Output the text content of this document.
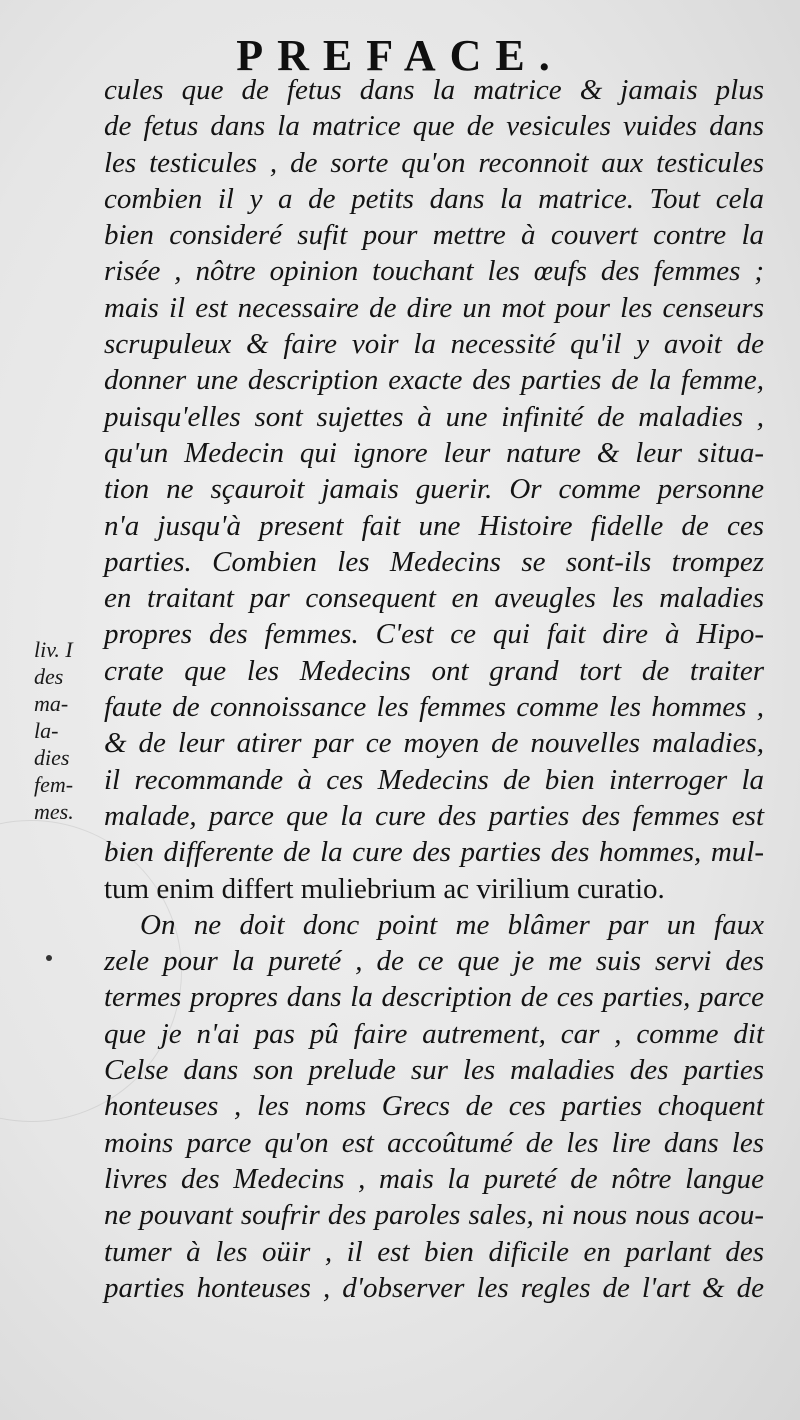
PREFACE.
cules que de fetus dans la matrice & jamais plus
de fetus dans la matrice que de vesicules vuides dans
les testicules , de sorte qu'on reconnoit aux testicules
combien il y a de petits dans la matrice. Tout cela
bien consideré sufit pour mettre à couvert contre la
risée , nôtre opinion touchant les œufs des femmes ;
mais il est necessaire de dire un mot pour les censeurs
scrupuleux & faire voir la necessité qu'il y avoit de
donner une description exacte des parties de la femme,
puisqu'elles sont sujettes à une infinité de maladies ,
qu'un Medecin qui ignore leur nature & leur situa-
tion ne sçauroit jamais guerir. Or comme personne
n'a jusqu'à present fait une Histoire fidelle de ces
parties. Combien les Medecins se sont-ils trompez
en traitant par consequent en aveugles les maladies
propres des femmes. C'est ce qui fait dire à Hipo-
crate que les Medecins ont grand tort de traiter
faute de connoissance les femmes comme les hommes ,
& de leur atirer par ce moyen de nouvelles maladies,
il recommande à ces Medecins de bien interroger la
malade, parce que la cure des parties des femmes est
bien differente de la cure des parties des hommes, mul-
tum enim differt muliebrium ac virilium curatio.
On ne doit donc point me blâmer par un faux
zele pour la pureté , de ce que je me suis servi des
termes propres dans la description de ces parties, parce
que je n'ai pas pû faire autrement, car , comme dit
Celse dans son prelude sur les maladies des parties
honteuses , les noms Grecs de ces parties choquent
moins parce qu'on est accoûtumé de les lire dans les
livres des Medecins , mais la pureté de nôtre langue
ne pouvant soufrir des paroles sales, ni nous nous acou-
tumer à les oüir , il est bien dificile en parlant des
parties honteuses , d'observer les regles de l'art & de
liv. I
des
ma-
la-
dies
fem-
mes.
